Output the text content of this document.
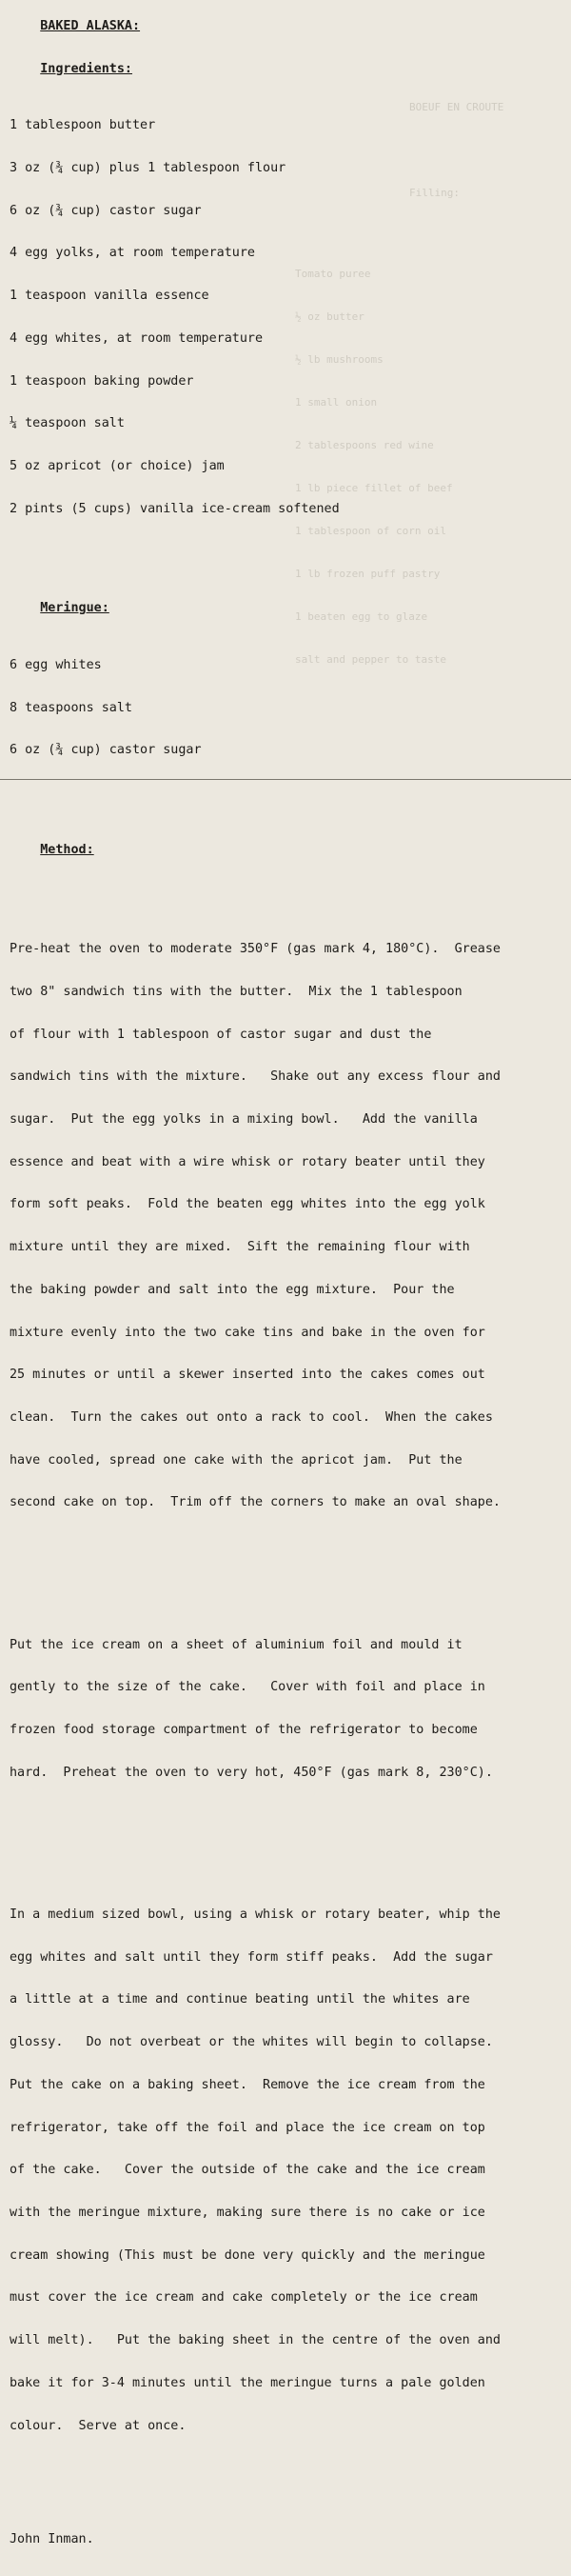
BOEUF EN CROUTE

Filling:

Tomato puree

½ oz butter

½ lb mushrooms

1 small onion

2 tablespoons red wine

1 lb piece fillet of beef

1 tablespoon of corn oil

1 lb frozen puff pastry

1 beaten egg to glaze

salt and pepper to taste

BAKED ALASKA:

Ingredients:

1 tablespoon butter

3 oz (¾ cup) plus 1 tablespoon flour

6 oz (¾ cup) castor sugar

4 egg yolks, at room temperature

1 teaspoon vanilla essence

4 egg whites, at room temperature

1 teaspoon baking powder

¼ teaspoon salt

5 oz apricot (or choice) jam

2 pints (5 cups) vanilla ice-cream softened

Meringue:

6 egg whites

8 teaspoons salt

6 oz (¾ cup) castor sugar

Method:

Pre-heat the oven to moderate 350°F (gas mark 4, 180°C).  Grease

two 8" sandwich tins with the butter.  Mix the 1 tablespoon

of flour with 1 tablespoon of castor sugar and dust the

sandwich tins with the mixture.   Shake out any excess flour and

sugar.  Put the egg yolks in a mixing bowl.   Add the vanilla

essence and beat with a wire whisk or rotary beater until they

form soft peaks.  Fold the beaten egg whites into the egg yolk

mixture until they are mixed.  Sift the remaining flour with

the baking powder and salt into the egg mixture.  Pour the

mixture evenly into the two cake tins and bake in the oven for

25 minutes or until a skewer inserted into the cakes comes out

clean.  Turn the cakes out onto a rack to cool.  When the cakes

have cooled, spread one cake with the apricot jam.  Put the

second cake on top.  Trim off the corners to make an oval shape.

Put the ice cream on a sheet of aluminium foil and mould it

gently to the size of the cake.   Cover with foil and place in

frozen food storage compartment of the refrigerator to become

hard.  Preheat the oven to very hot, 450°F (gas mark 8, 230°C).

In a medium sized bowl, using a whisk or rotary beater, whip the

egg whites and salt until they form stiff peaks.  Add the sugar

a little at a time and continue beating until the whites are

glossy.   Do not overbeat or the whites will begin to collapse.

Put the cake on a baking sheet.  Remove the ice cream from the

refrigerator, take off the foil and place the ice cream on top

of the cake.   Cover the outside of the cake and the ice cream

with the meringue mixture, making sure there is no cake or ice

cream showing (This must be done very quickly and the meringue

must cover the ice cream and cake completely or the ice cream

will melt).   Put the baking sheet in the centre of the oven and

bake it for 3-4 minutes until the meringue turns a pale golden

colour.  Serve at once.

John Inman.
